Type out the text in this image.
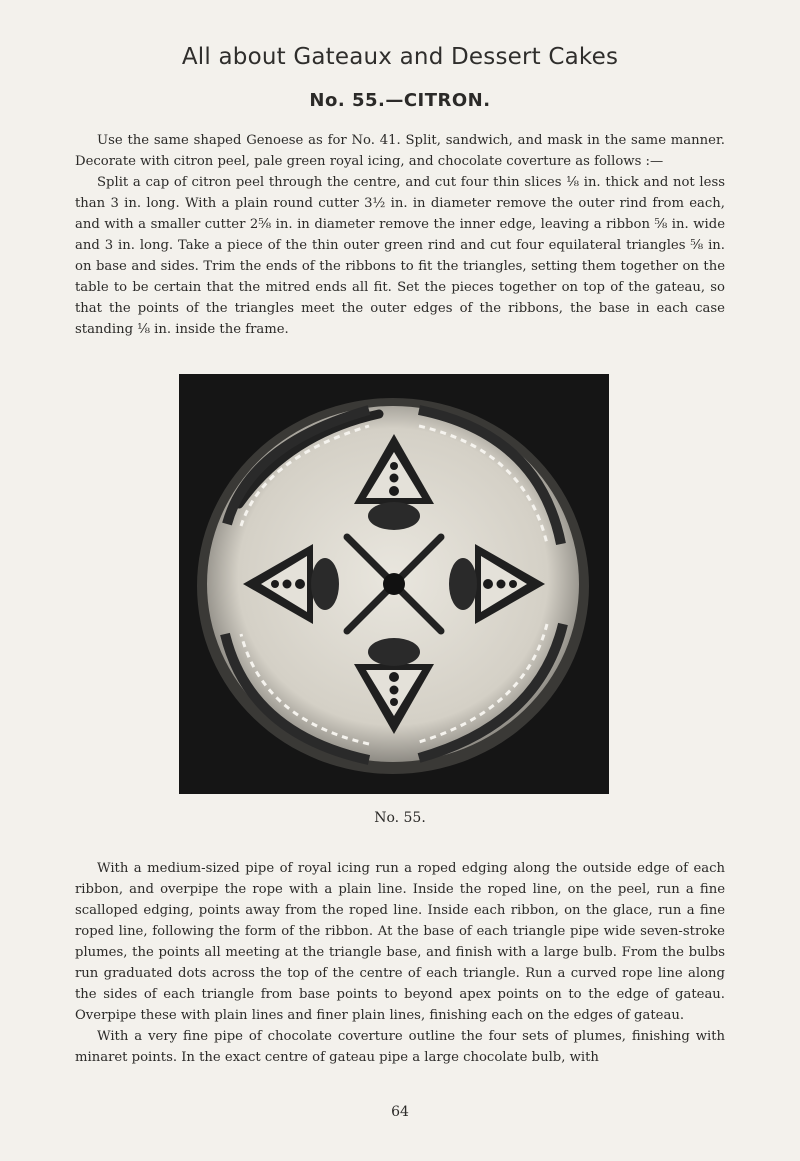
All about Gateaux and Dessert Cakes
No. 55.—CITRON.

Use the same shaped Genoese as for No. 41. Split, sandwich, and mask in the same manner. Decorate with citron peel, pale green royal icing, and chocolate coverture as follows :—

Split a cap of citron peel through the centre, and cut four thin slices ⅛ in. thick and not less than 3 in. long. With a plain round cutter 3½ in. in diameter remove the outer rind from each, and with a smaller cutter 2⅝ in. in diameter remove the inner edge, leaving a ribbon ⅝ in. wide and 3 in. long. Take a piece of the thin outer green rind and cut four equilateral triangles ⅝ in. on base and sides. Trim the ends of the ribbons to fit the triangles, setting them together on the table to be certain that the mitred ends all fit. Set the pieces together on top of the gateau, so that the points of the triangles meet the outer edges of the ribbons, the base in each case standing ⅛ in. inside the frame.

No. 55.

With a medium-sized pipe of royal icing run a roped edging along the outside edge of each ribbon, and overpipe the rope with a plain line. Inside the roped line, on the peel, run a fine scalloped edging, points away from the roped line. Inside each ribbon, on the glace, run a fine roped line, following the form of the ribbon. At the base of each triangle pipe wide seven-stroke plumes, the points all meeting at the triangle base, and finish with a large bulb. From the bulbs run graduated dots across the top of the centre of each triangle. Run a curved rope line along the sides of each triangle from base points to beyond apex points on to the edge of gateau. Overpipe these with plain lines and finer plain lines, finishing each on the edges of gateau.

With a very fine pipe of chocolate coverture outline the four sets of plumes, finishing with minaret points. In the exact centre of gateau pipe a large chocolate bulb, with

64
